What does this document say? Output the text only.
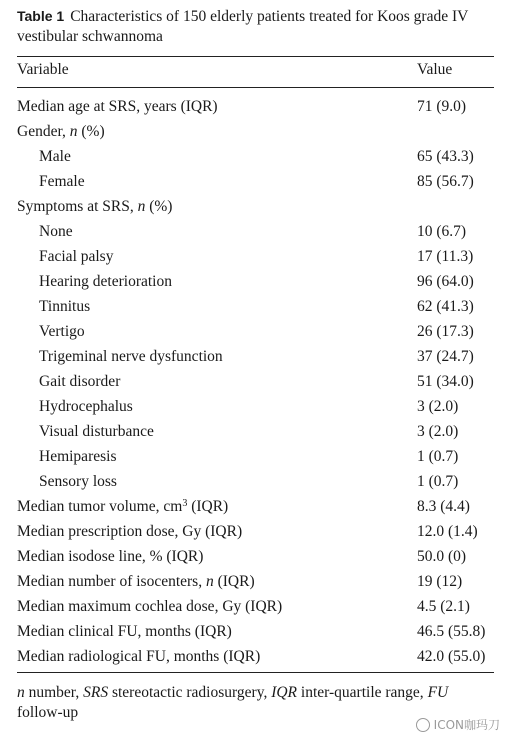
Table 1 Characteristics of 150 elderly patients treated for Koos grade IV vestibular schwannoma
Variable	Value
Median age at SRS, years (IQR)	71 (9.0)
Gender, n (%)
Male	65 (43.3)
Female	85 (56.7)
Symptoms at SRS, n (%)
None	10 (6.7)
Facial palsy	17 (11.3)
Hearing deterioration	96 (64.0)
Tinnitus	62 (41.3)
Vertigo	26 (17.3)
Trigeminal nerve dysfunction	37 (24.7)
Gait disorder	51 (34.0)
Hydrocephalus	3 (2.0)
Visual disturbance	3 (2.0)
Hemiparesis	1 (0.7)
Sensory loss	1 (0.7)
Median tumor volume, $cm^3$ (IQR)	8.3 (4.4)
Median prescription dose, Gy (IQR)	12.0 (1.4)
Median isodose line, % (IQR)	50.0 (0)
Median number of isocenters, n (IQR)	19 (12)
Median maximum cochlea dose, Gy (IQR)	4.5 (2.1)
Median clinical FU, months (IQR)	46.5 (55.8)
Median radiological FU, months (IQR)	42.0 (55.0)
n number, SRS stereotactic radiosurgery, IQR inter-quartile range, FU
follow-up
ICON咖玛刀
